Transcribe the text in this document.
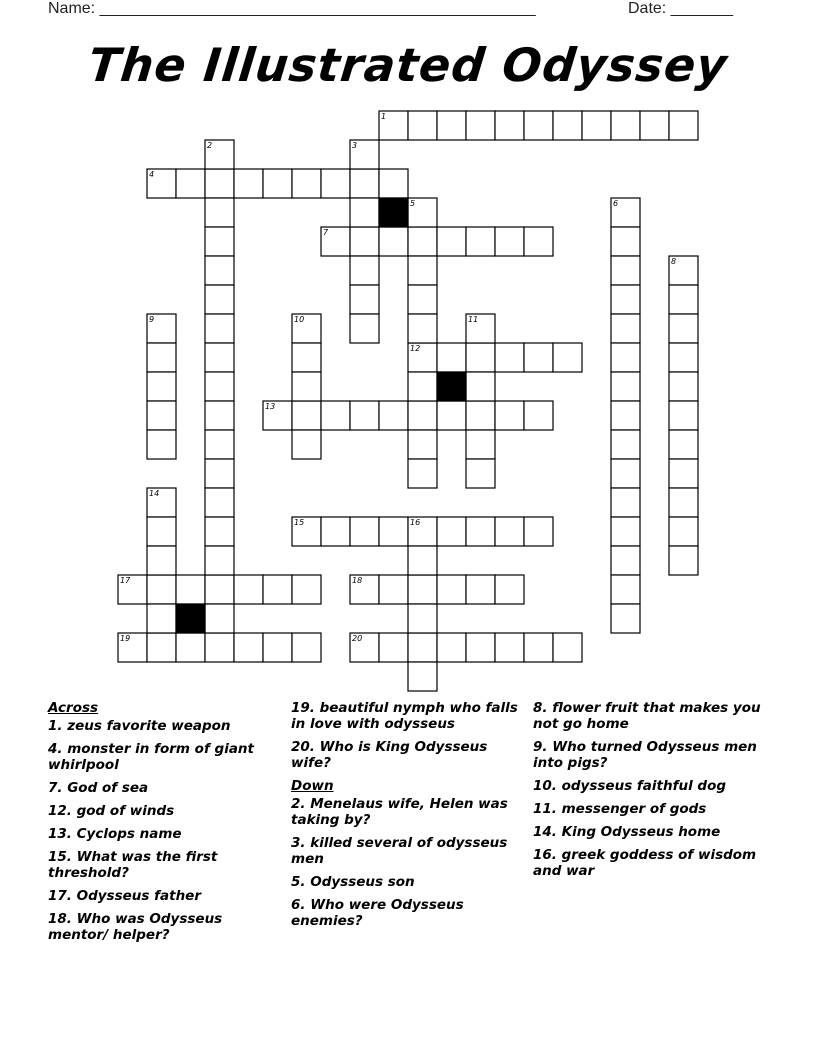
Name: _________________________________________________	Date: _______
The Illustrated Odyssey
1
4
7
12
13
15
17	18
19	20
2	3
5	6
8
9	10	11
14
16
Across
1. zeus favorite weapon
4. monster in form of giant whirlpool
7. God of sea
12. god of winds
13. Cyclops name
15. What was the first threshold?
17. Odysseus father
18. Who was Odysseus mentor/ helper?
19. beautiful nymph who falls in love with odysseus
20. Who is King Odysseus wife?
Down
2. Menelaus wife, Helen was taking by?
3. killed several of odysseus men
5. Odysseus son
6. Who were Odysseus enemies?
8. flower fruit that makes you not go home
9. Who turned Odysseus men into pigs?
10. odysseus faithful dog
11. messenger of gods
14. King Odysseus home
16. greek goddess of wisdom and war
